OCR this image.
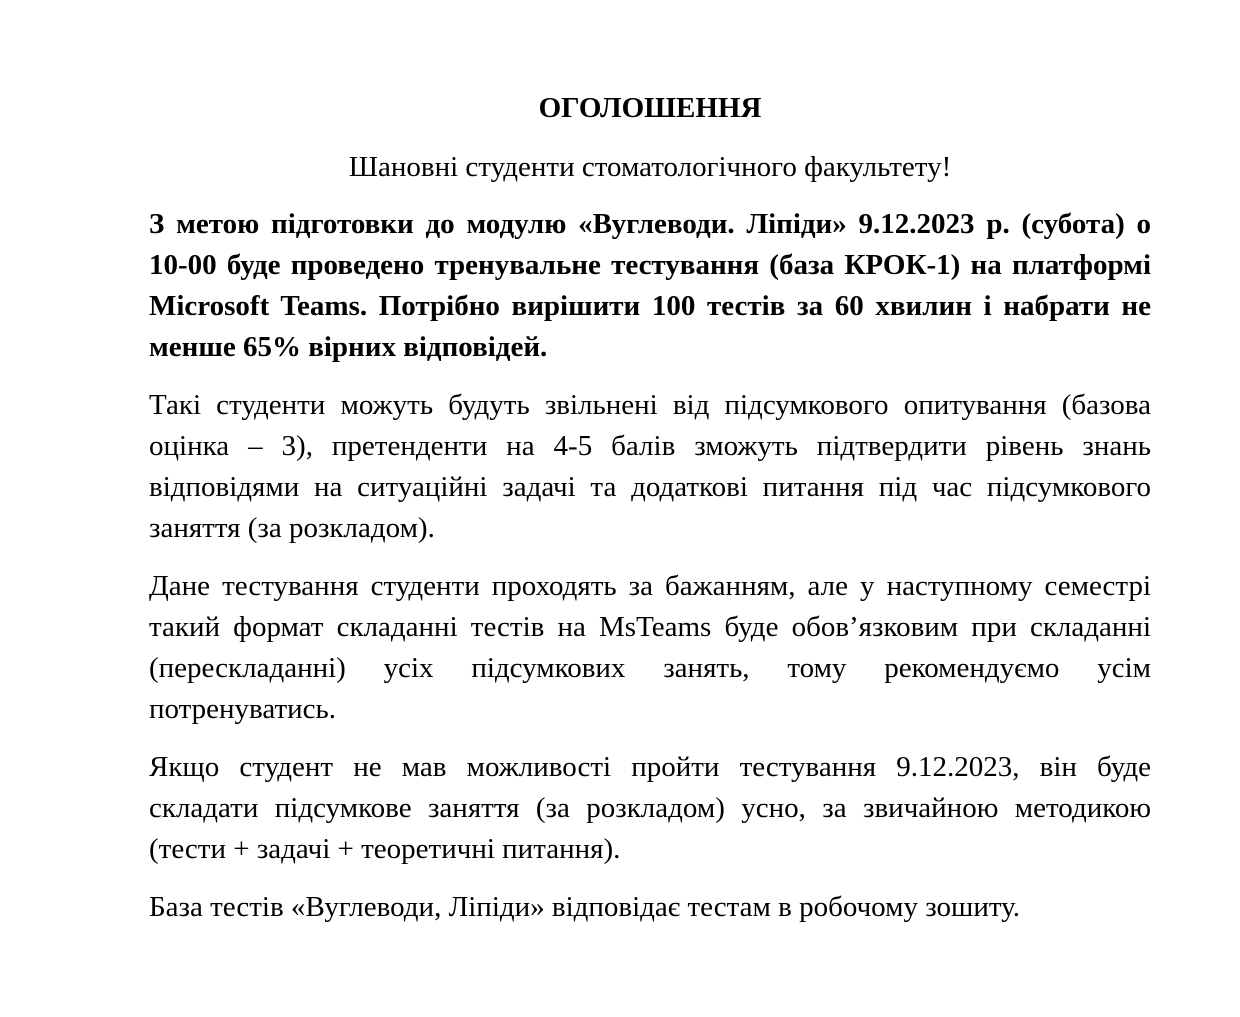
ОГОЛОШЕННЯ
Шановні студенти стоматологічного факультету!

З метою підготовки до модулю «Вуглеводи. Ліпіди» 9.12.2023 р. (субота) о 10-00 буде проведено тренувальне тестування (база КРОК-1) на платформі Microsoft Teams. Потрібно вирішити 100 тестів за 60 хвилин і набрати не менше 65% вірних відповідей.

Такі студенти можуть будуть звільнені від підсумкового опитування (базова оцінка – 3), претенденти на 4-5 балів зможуть підтвердити рівень знань відповідями на ситуаційні задачі та додаткові питання під час підсумкового заняття (за розкладом).

Дане тестування студенти проходять за бажанням, але у наступному семестрі такий формат складанні тестів на MsTeams буде обов’язковим при складанні (перескладанні) усіх підсумкових занять, тому рекомендуємо усім потренуватись.

Якщо студент не мав можливості пройти тестування 9.12.2023, він буде складати підсумкове заняття (за розкладом) усно, за звичайною методикою (тести + задачі + теоретичні питання).

База тестів «Вуглеводи, Ліпіди» відповідає тестам в робочому зошиту.
